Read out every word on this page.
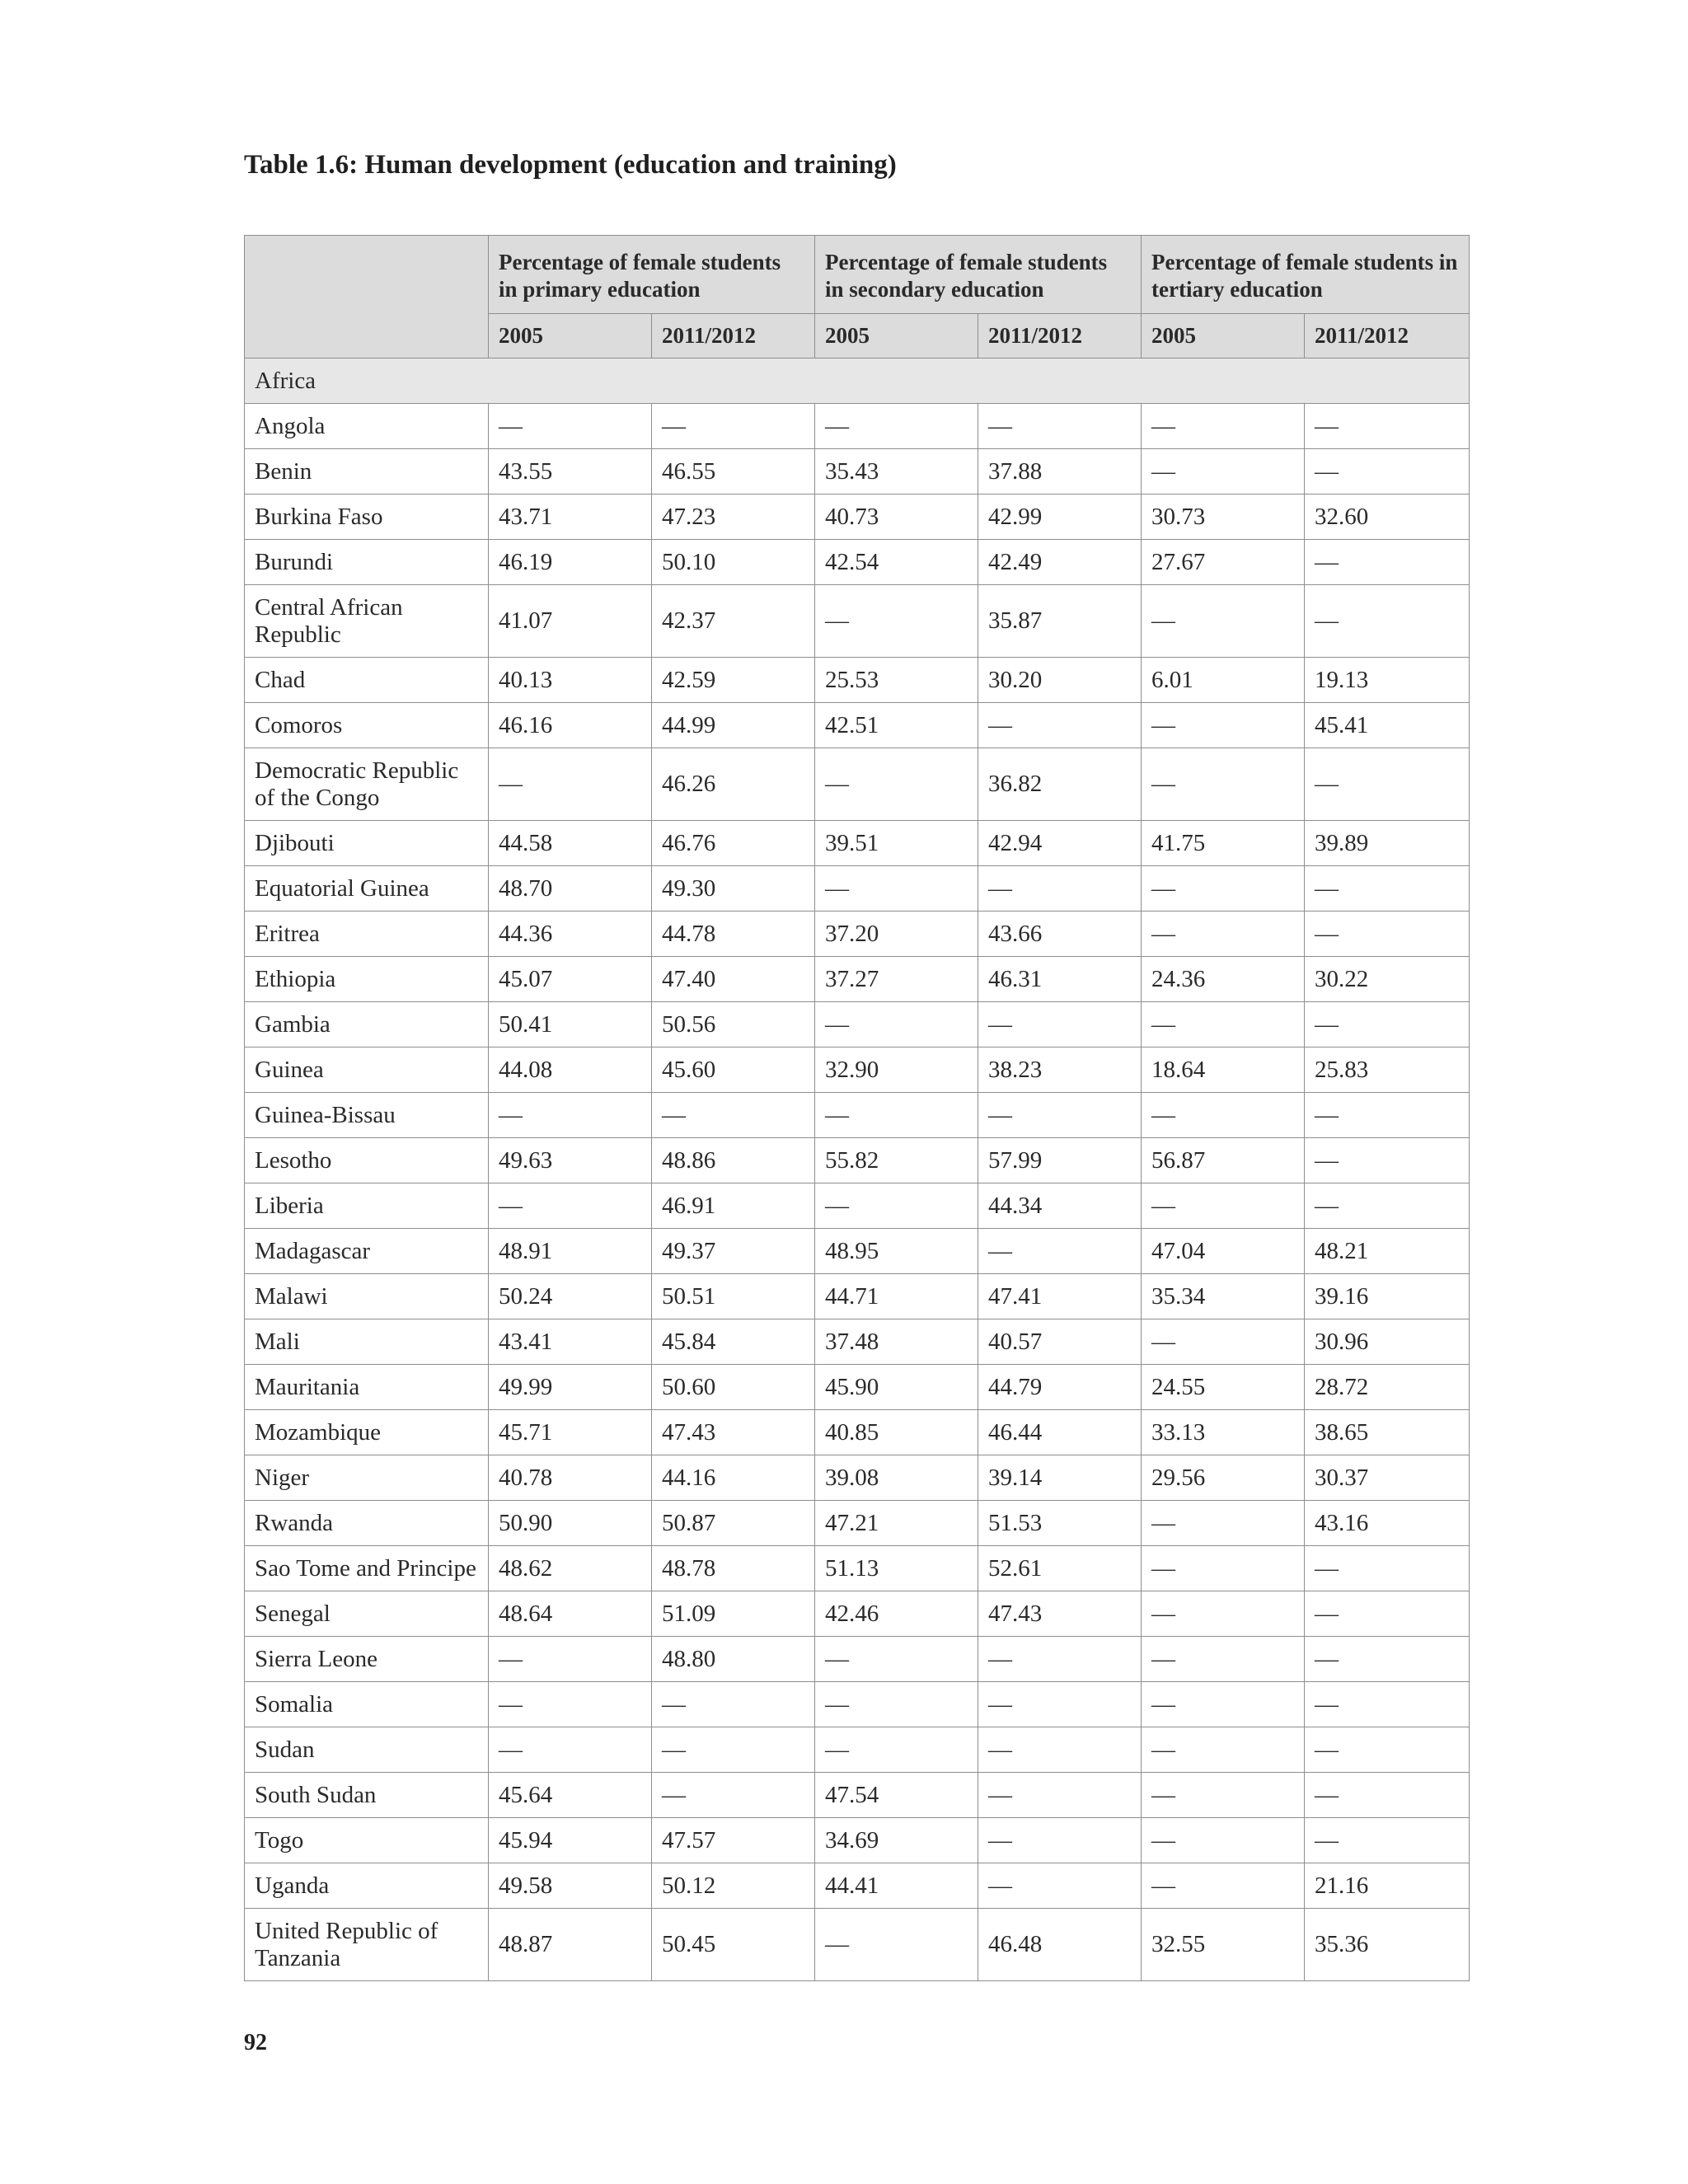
Table 1.6: Human development (education and training)
	Percentage of female students in primary education		Percentage of female students in secondary education		Percentage of female students in tertiary education	
	2005	2011/2012	2005	2011/2012	2005	2011/2012
Africa						
Angola	—	—	—	—	—	—
Benin	43.55	46.55	35.43	37.88	—	—
Burkina Faso	43.71	47.23	40.73	42.99	30.73	32.60
Burundi	46.19	50.10	42.54	42.49	27.67	—
Central African Republic	41.07	42.37	—	35.87	—	—
Chad	40.13	42.59	25.53	30.20	6.01	19.13
Comoros	46.16	44.99	42.51	—	—	45.41
Democratic Republic of the Congo	—	46.26	—	36.82	—	—
Djibouti	44.58	46.76	39.51	42.94	41.75	39.89
Equatorial Guinea	48.70	49.30	—	—	—	—
Eritrea	44.36	44.78	37.20	43.66	—	—
Ethiopia	45.07	47.40	37.27	46.31	24.36	30.22
Gambia	50.41	50.56	—	—	—	—
Guinea	44.08	45.60	32.90	38.23	18.64	25.83
Guinea-Bissau	—	—	—	—	—	—
Lesotho	49.63	48.86	55.82	57.99	56.87	—
Liberia	—	46.91	—	44.34	—	—
Madagascar	48.91	49.37	48.95	—	47.04	48.21
Malawi	50.24	50.51	44.71	47.41	35.34	39.16
Mali	43.41	45.84	37.48	40.57	—	30.96
Mauritania	49.99	50.60	45.90	44.79	24.55	28.72
Mozambique	45.71	47.43	40.85	46.44	33.13	38.65
Niger	40.78	44.16	39.08	39.14	29.56	30.37
Rwanda	50.90	50.87	47.21	51.53	—	43.16
Sao Tome and Principe	48.62	48.78	51.13	52.61	—	—
Senegal	48.64	51.09	42.46	47.43	—	—
Sierra Leone	—	48.80	—	—	—	—
Somalia	—	—	—	—	—	—
Sudan	—	—	—	—	—	—
South Sudan	45.64	—	47.54	—	—	—
Togo	45.94	47.57	34.69	—	—	—
Uganda	49.58	50.12	44.41	—	—	21.16
United Republic of Tanzania	48.87	50.45	—	46.48	32.55	35.36
92
